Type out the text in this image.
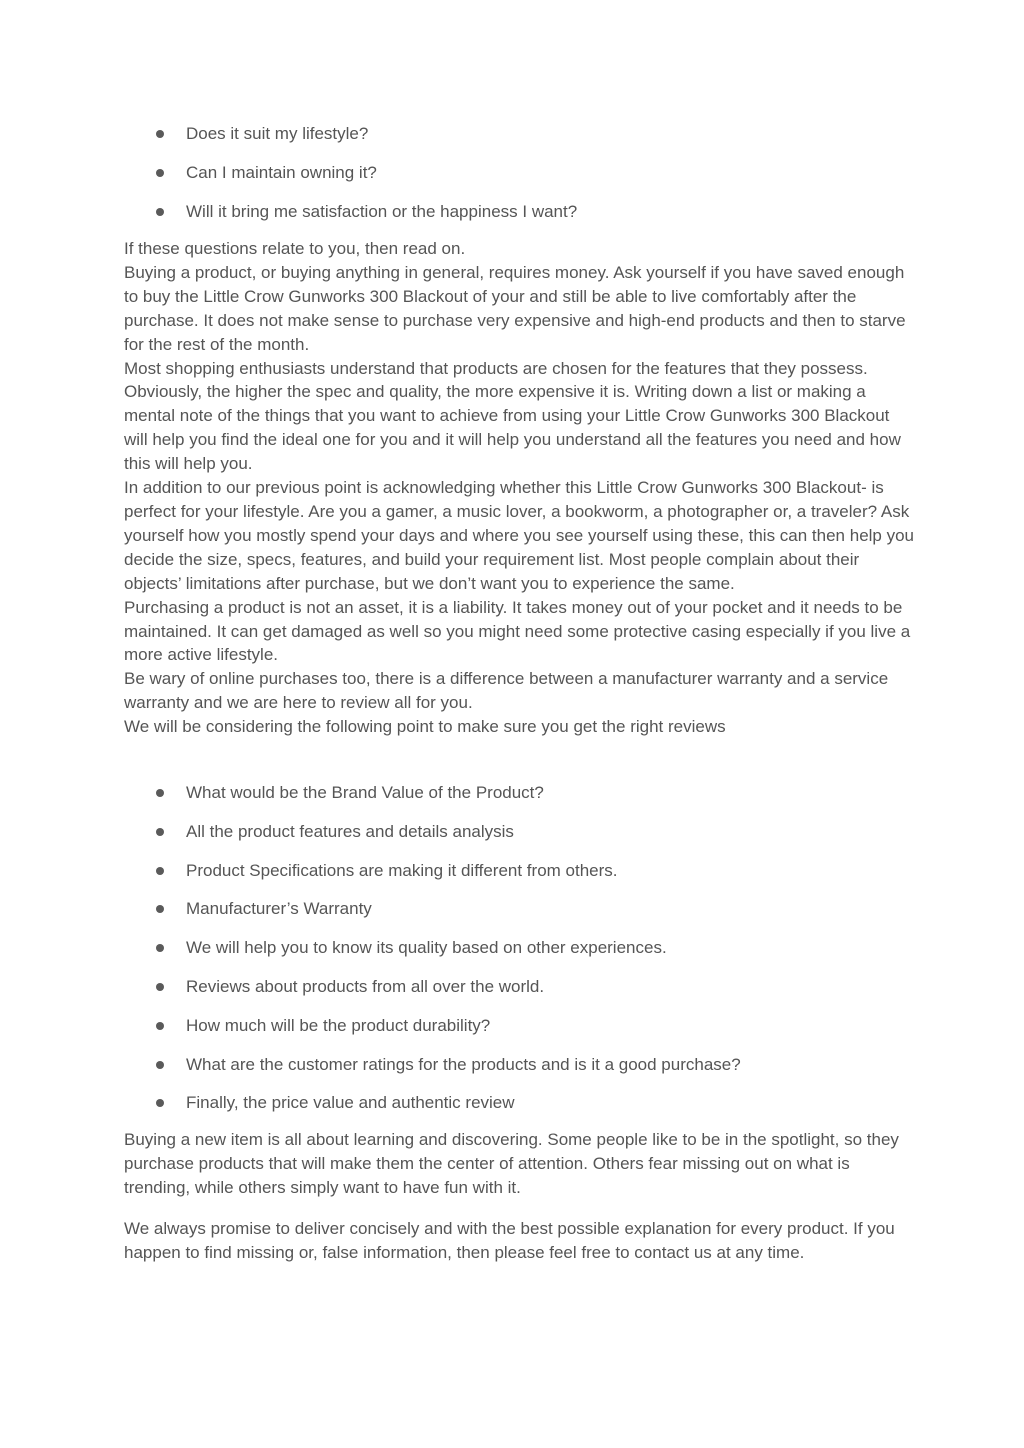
Does it suit my lifestyle?
Can I maintain owning it?
Will it bring me satisfaction or the happiness I want?

If these questions relate to you, then read on.

Buying a product, or buying anything in general, requires money. Ask yourself if you have saved enough to buy the Little Crow Gunworks 300 Blackout of your and still be able to live comfortably after the purchase. It does not make sense to purchase very expensive and high-end products and then to starve for the rest of the month.

Most shopping enthusiasts understand that products are chosen for the features that they possess. Obviously, the higher the spec and quality, the more expensive it is. Writing down a list or making a mental note of the things that you want to achieve from using your Little Crow Gunworks 300 Blackout will help you find the ideal one for you and it will help you understand all the features you need and how this will help you.

In addition to our previous point is acknowledging whether this Little Crow Gunworks 300 Blackout- is perfect for your lifestyle. Are you a gamer, a music lover, a bookworm, a photographer or, a traveler? Ask yourself how you mostly spend your days and where you see yourself using these, this can then help you decide the size, specs, features, and build your requirement list. Most people complain about their objects’ limitations after purchase, but we don’t want you to experience the same.

Purchasing a product is not an asset, it is a liability. It takes money out of your pocket and it needs to be maintained. It can get damaged as well so you might need some protective casing especially if you live a more active lifestyle.

Be wary of online purchases too, there is a difference between a manufacturer warranty and a service warranty and we are here to review all for you.

We will be considering the following point to make sure you get the right reviews

What would be the Brand Value of the Product?
All the product features and details analysis
Product Specifications are making it different from others.
Manufacturer’s Warranty
We will help you to know its quality based on other experiences.
Reviews about products from all over the world.
How much will be the product durability?
What are the customer ratings for the products and is it a good purchase?
Finally, the price value and authentic review

Buying a new item is all about learning and discovering. Some people like to be in the spotlight, so they purchase products that will make them the center of attention. Others fear missing out on what is trending, while others simply want to have fun with it.

We always promise to deliver concisely and with the best possible explanation for every product. If you happen to find missing or, false information, then please feel free to contact us at any time.
